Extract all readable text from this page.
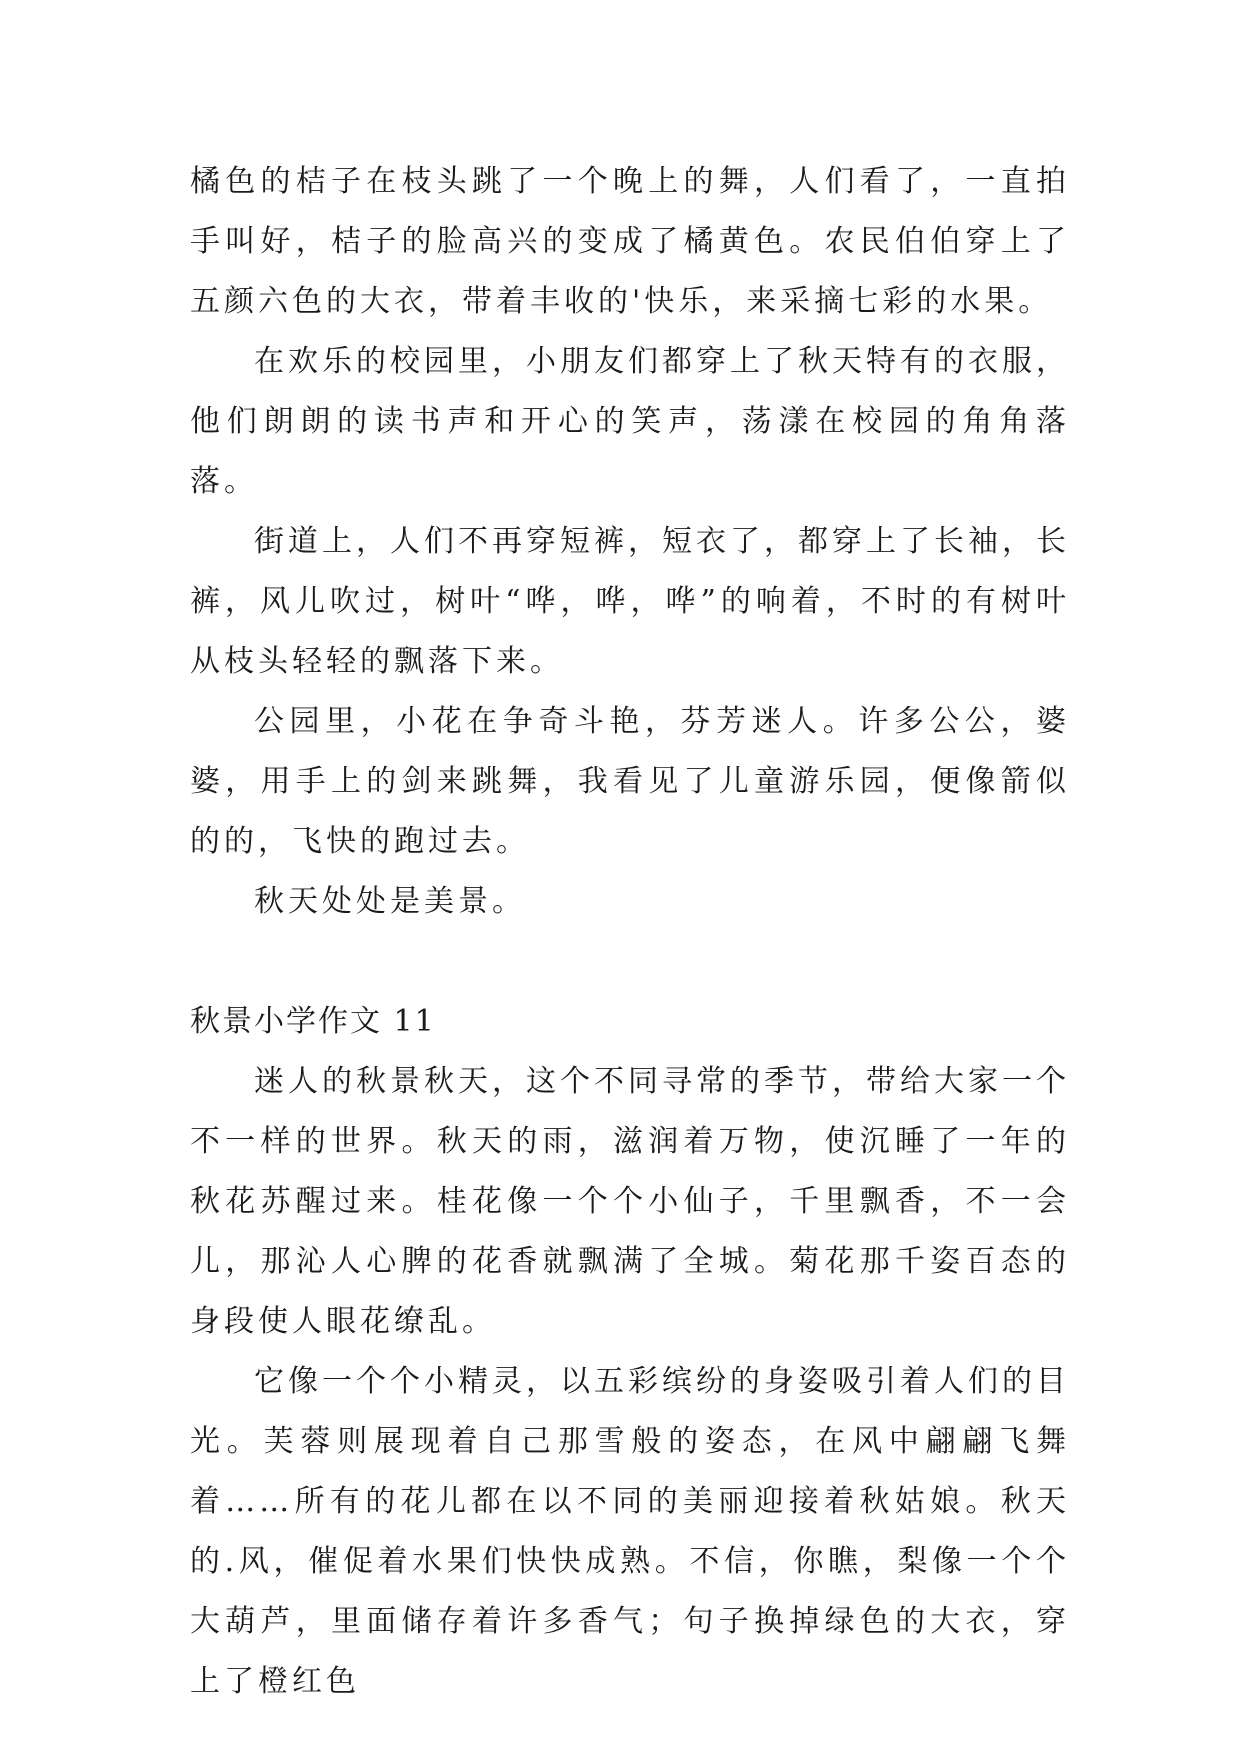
橘色的桔子在枝头跳了一个晚上的舞，人们看了，一直拍手叫好，桔子的脸高兴的变成了橘黄色。农民伯伯穿上了五颜六色的大衣，带着丰收的'快乐，来采摘七彩的水果。

在欢乐的校园里，小朋友们都穿上了秋天特有的衣服，他们朗朗的读书声和开心的笑声，荡漾在校园的角角落落。

街道上，人们不再穿短裤，短衣了，都穿上了长袖，长裤，风儿吹过，树叶“哗，哗，哗”的响着，不时的有树叶从枝头轻轻的飘落下来。

公园里，小花在争奇斗艳，芬芳迷人。许多公公，婆婆，用手上的剑来跳舞，我看见了儿童游乐园，便像箭似的的，飞快的跑过去。

秋天处处是美景。

秋景小学作文 11

迷人的秋景秋天，这个不同寻常的季节，带给大家一个不一样的世界。秋天的雨，滋润着万物，使沉睡了一年的秋花苏醒过来。桂花像一个个小仙子，千里飘香，不一会儿，那沁人心脾的花香就飘满了全城。菊花那千姿百态的身段使人眼花缭乱。

它像一个个小精灵，以五彩缤纷的身姿吸引着人们的目光。芙蓉则展现着自己那雪般的姿态，在风中翩翩飞舞着……所有的花儿都在以不同的美丽迎接着秋姑娘。秋天的.风，催促着水果们快快成熟。不信，你瞧，梨像一个个大葫芦，里面储存着许多香气；句子换掉绿色的大衣，穿上了橙红色
